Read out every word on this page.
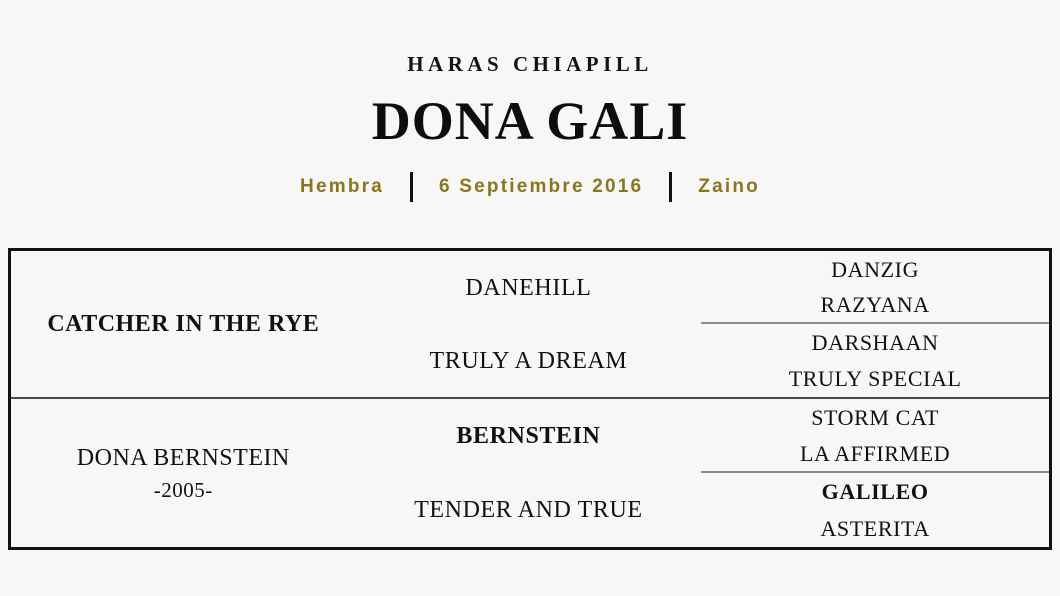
HARAS CHIAPILL
DONA GALI
Hembra	6 Septiembre 2016	Zaino
CATCHER IN THE RYE
DANEHILL
TRULY A DREAM
DANZIG
RAZYANA
DARSHAAN
TRULY SPECIAL
DONA BERNSTEIN
-2005-
BERNSTEIN
TENDER AND TRUE
STORM CAT
LA AFFIRMED
GALILEO
ASTERITA
